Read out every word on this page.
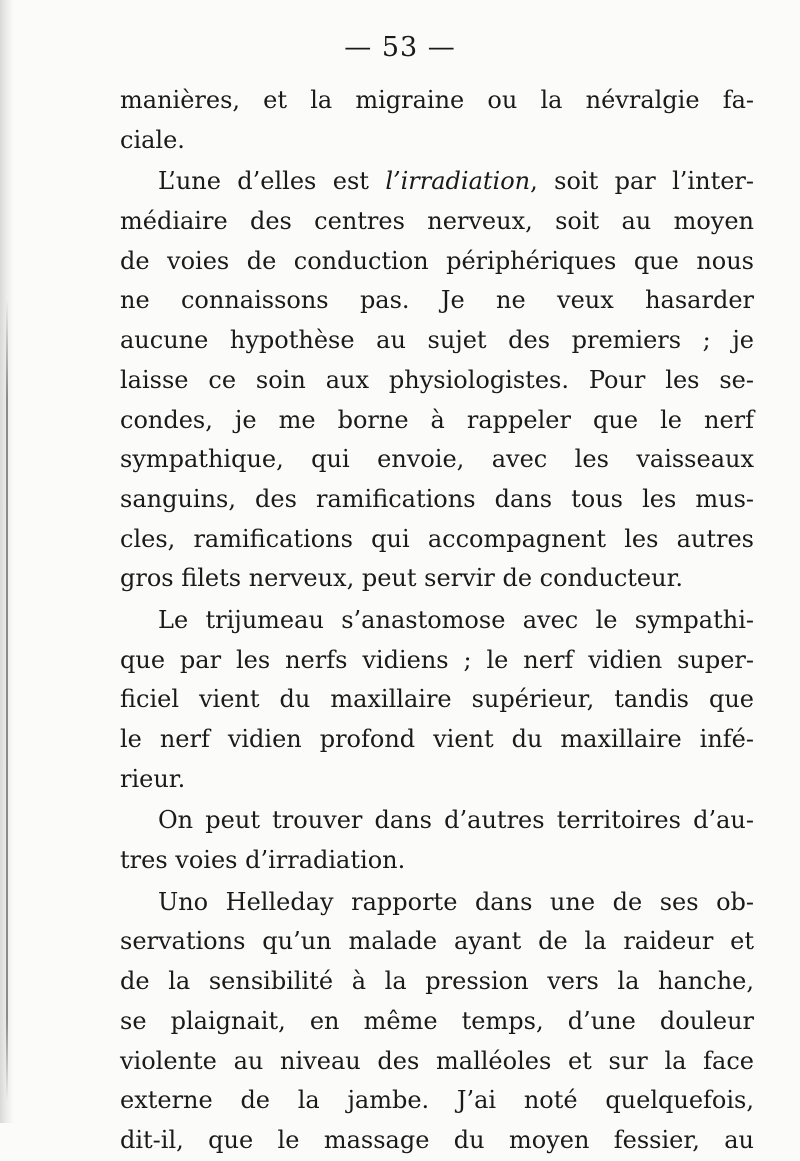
— 53 —
manières, et la migraine ou la névralgie fa-
ciale.
L’une d’elles est l’irradiation, soit par l’inter-
médiaire des centres nerveux, soit au moyen
de voies de conduction périphériques que nous
ne connaissons pas. Je ne veux hasarder
aucune hypothèse au sujet des premiers ; je
laisse ce soin aux physiologistes. Pour les se-
condes, je me borne à rappeler que le nerf
sympathique, qui envoie, avec les vaisseaux
sanguins, des ramifications dans tous les mus-
cles, ramifications qui accompagnent les autres
gros filets nerveux, peut servir de conducteur.
Le trijumeau s’anastomose avec le sympathi-
que par les nerfs vidiens ; le nerf vidien super-
ficiel vient du maxillaire supérieur, tandis que
le nerf vidien profond vient du maxillaire infé-
rieur.
On peut trouver dans d’autres territoires d’au-
tres voies d’irradiation.
Uno Helleday rapporte dans une de ses ob-
servations qu’un malade ayant de la raideur et
de la sensibilité à la pression vers la hanche,
se plaignait, en même temps, d’une douleur
violente au niveau des malléoles et sur la face
externe de la jambe. J’ai noté quelquefois,
dit-il, que le massage du moyen fessier, au
